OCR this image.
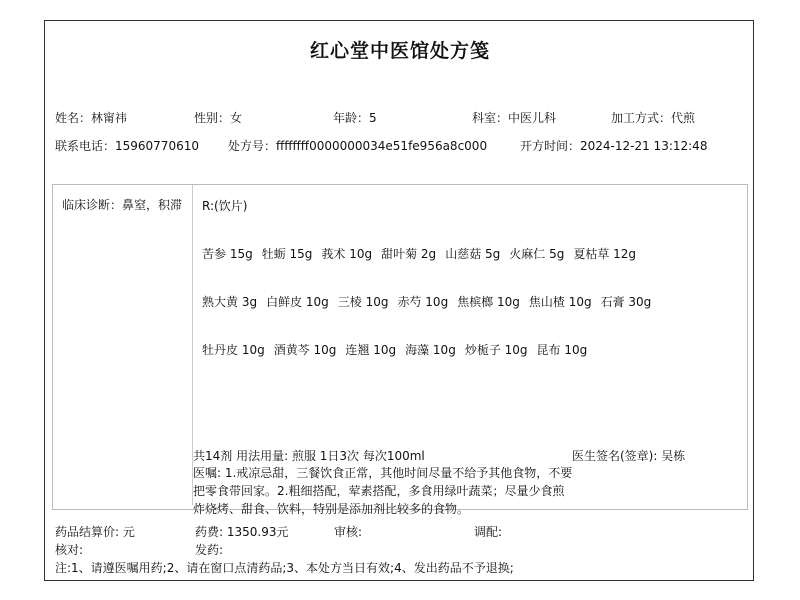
红心堂中医馆处方笺
姓名：林甯祎	性别：女	年龄：5	科室：中医儿科	加工方式：代煎
联系电话：15960770610 处方号：ffffffff0000000034e51fe956a8c000	开方时间：2024-12-21 13:12:48
临床诊断：鼻窒，积滞	R:(饮片)
苦参 15g 牡蛎 15g 莪术 10g 甜叶菊 2g 山慈菇 5g 火麻仁 5g 夏枯草 12g
熟大黄 3g 白鲜皮 10g 三棱 10g 赤芍 10g 焦槟榔 10g 焦山楂 10g 石膏 30g
牡丹皮 10g 酒黄芩 10g 连翘 10g 海藻 10g 炒栀子 10g 昆布 10g
共14剂 用法用量: 煎服 1日3次 每次100ml	医生签名(签章): 吴栋
医嘱: 1.戒凉忌甜，三餐饮食正常，其他时间尽量不给予其他食物，不要把零食带回家。2.粗细搭配，荤素搭配，多食用绿叶蔬菜；尽量少食煎炸烧烤、甜食、饮料，特别是添加剂比较多的食物。
药品结算价: 元	药费: 1350.93元	审核:	调配:
核对:	发药:
注:1、请遵医嘱用药;2、请在窗口点清药品;3、本处方当日有效;4、发出药品不予退换;
